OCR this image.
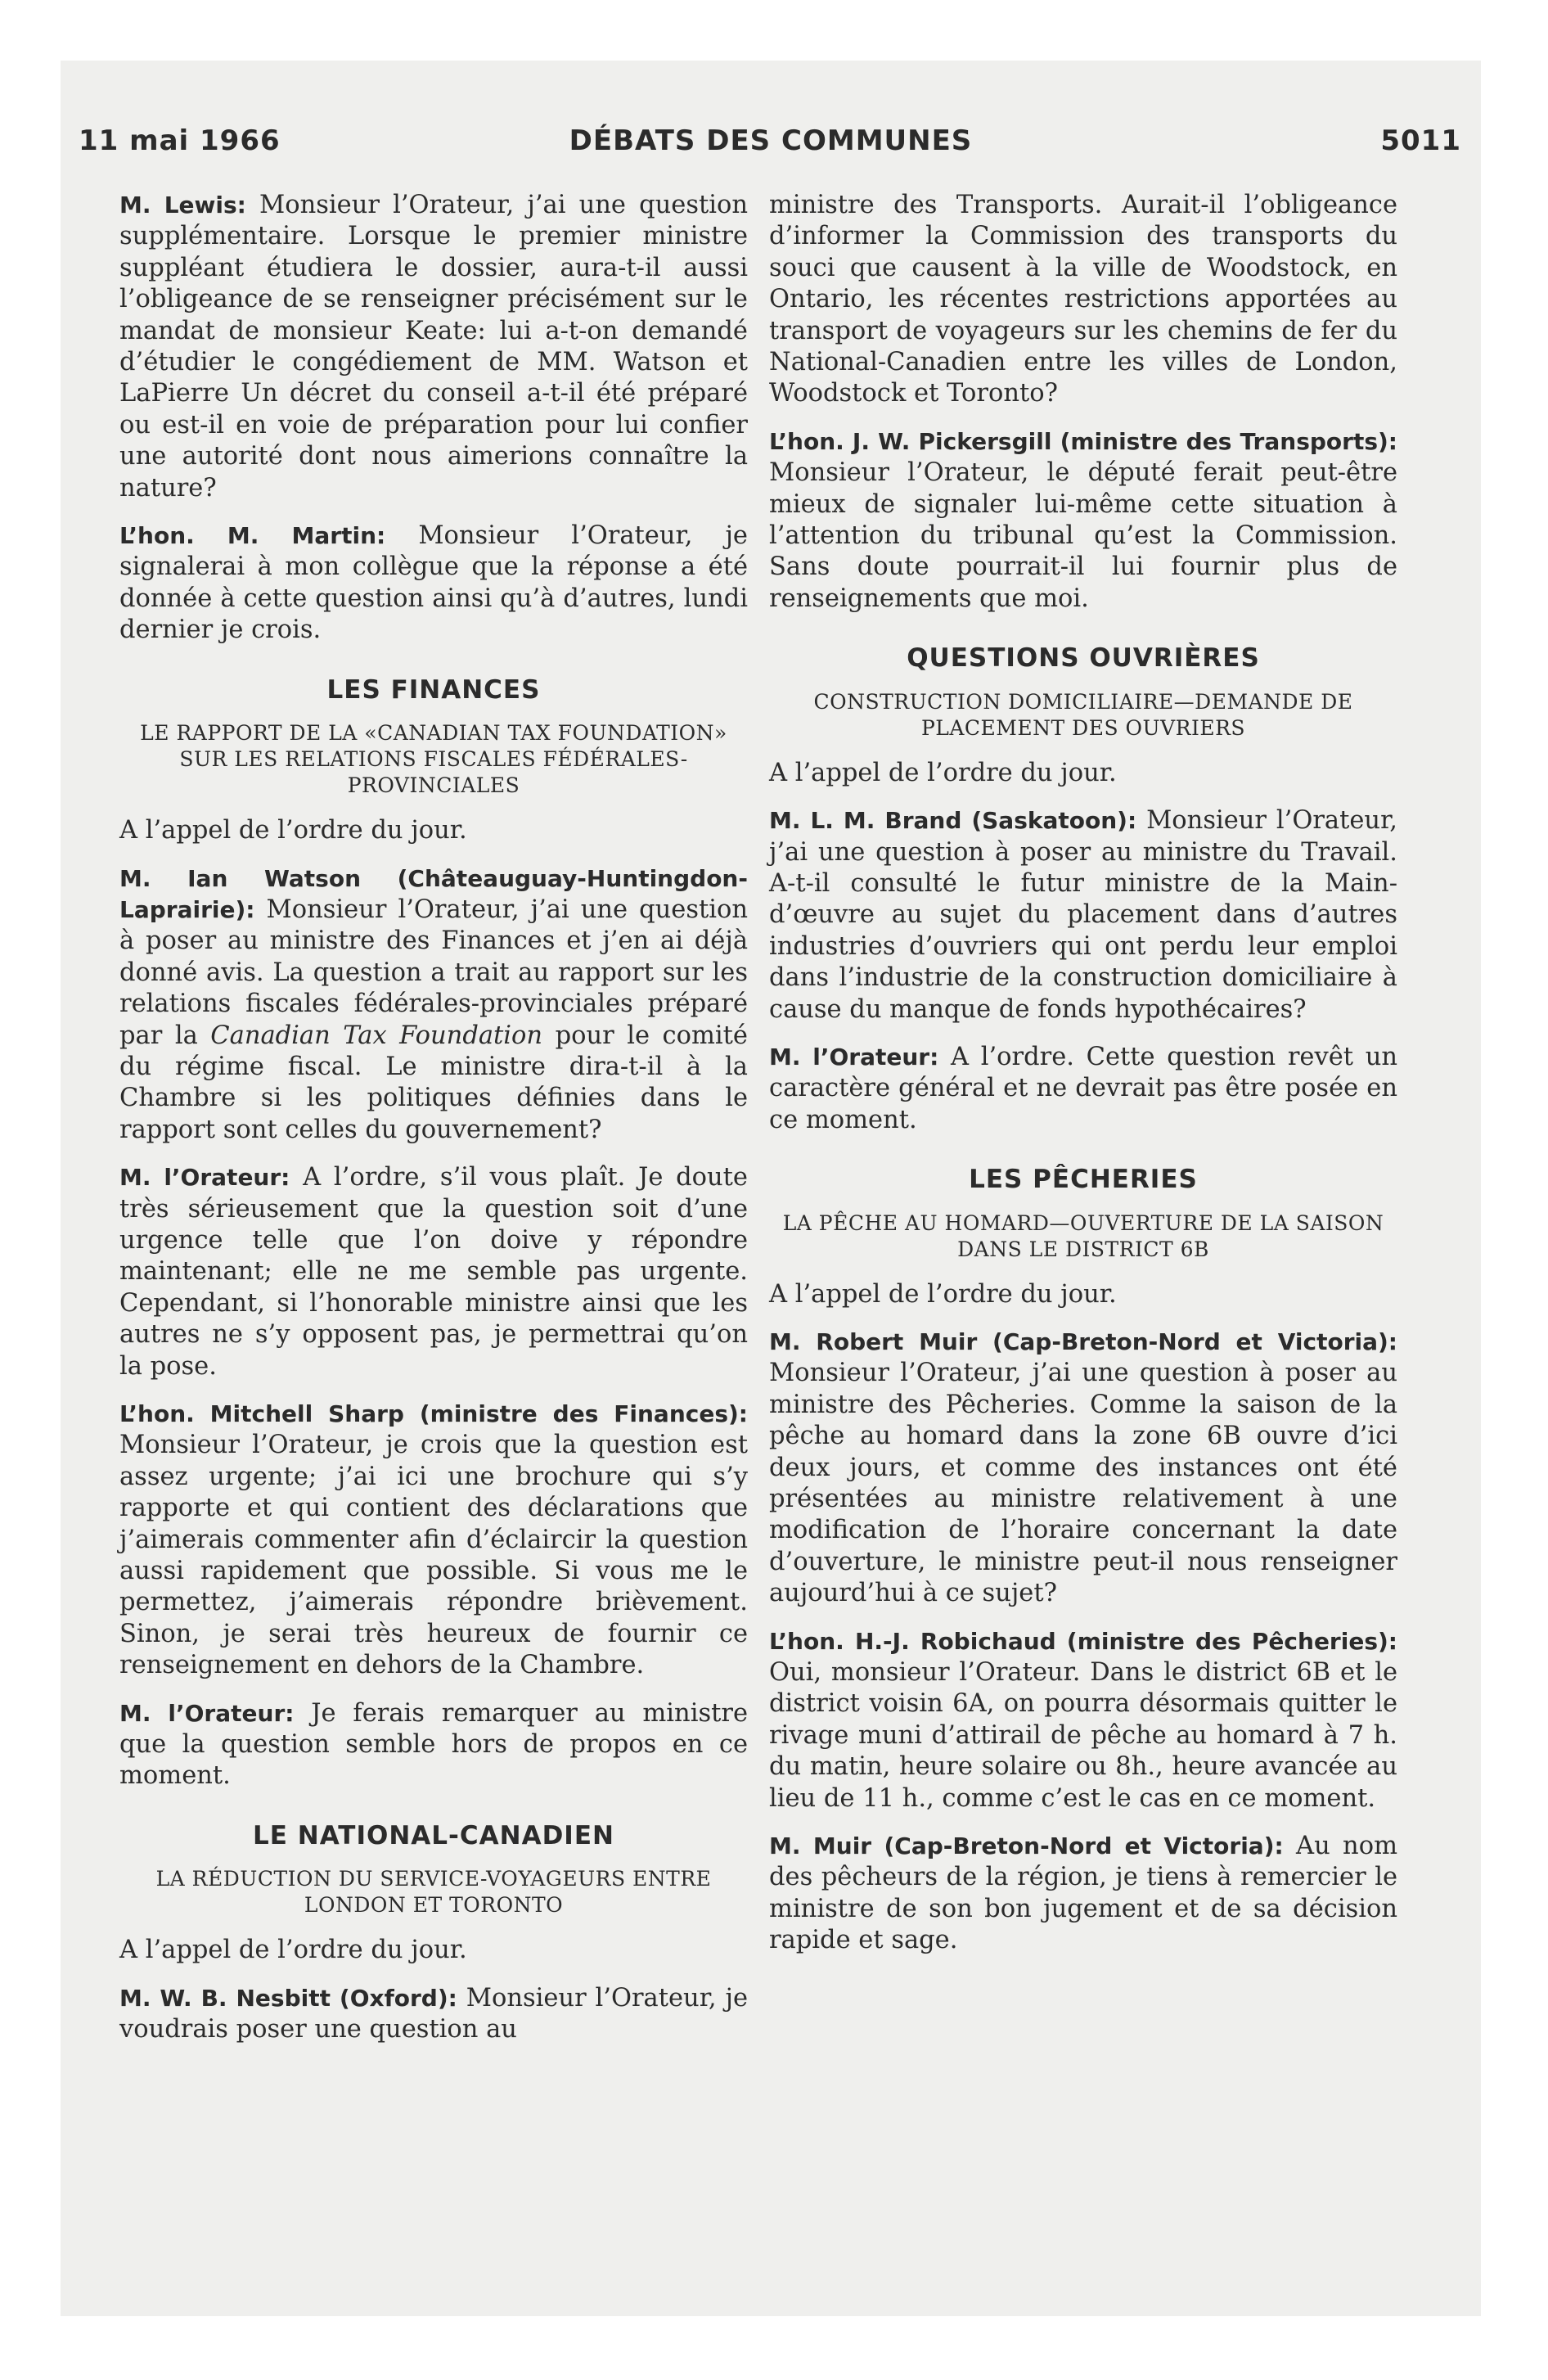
11 mai 1966	DÉBATS DES COMMUNES	5011

M. Lewis: Monsieur l’Orateur, j’ai une question supplémentaire. Lorsque le premier ministre suppléant étudiera le dossier, aura-t-il aussi l’obligeance de se renseigner précisément sur le mandat de monsieur Keate: lui a-t-on demandé d’étudier le congédiement de MM. Watson et LaPierre Un décret du conseil a-t-il été préparé ou est-il en voie de préparation pour lui confier une autorité dont nous aimerions connaître la nature?

L’hon. M. Martin: Monsieur l’Orateur, je signalerai à mon collègue que la réponse a été donnée à cette question ainsi qu’à d’autres, lundi dernier je crois.

LES FINANCES
LE RAPPORT DE LA «CANADIAN TAX FOUNDATION» SUR LES RELATIONS FISCALES FÉDÉRALES-PROVINCIALES

A l’appel de l’ordre du jour.

M. Ian Watson (Châteauguay-Huntingdon-Laprairie): Monsieur l’Orateur, j’ai une question à poser au ministre des Finances et j’en ai déjà donné avis. La question a trait au rapport sur les relations fiscales fédérales-provinciales préparé par la Canadian Tax Foundation pour le comité du régime fiscal. Le ministre dira-t-il à la Chambre si les politiques définies dans le rapport sont celles du gouvernement?

M. l’Orateur: A l’ordre, s’il vous plaît. Je doute très sérieusement que la question soit d’une urgence telle que l’on doive y répondre maintenant; elle ne me semble pas urgente. Cependant, si l’honorable ministre ainsi que les autres ne s’y opposent pas, je permettrai qu’on la pose.

L’hon. Mitchell Sharp (ministre des Finances): Monsieur l’Orateur, je crois que la question est assez urgente; j’ai ici une brochure qui s’y rapporte et qui contient des déclarations que j’aimerais commenter afin d’éclaircir la question aussi rapidement que possible. Si vous me le permettez, j’aimerais répondre brièvement. Sinon, je serai très heureux de fournir ce renseignement en dehors de la Chambre.

M. l’Orateur: Je ferais remarquer au ministre que la question semble hors de propos en ce moment.

LE NATIONAL-CANADIEN
LA RÉDUCTION DU SERVICE-VOYAGEURS ENTRE LONDON ET TORONTO

A l’appel de l’ordre du jour.

M. W. B. Nesbitt (Oxford): Monsieur l’Orateur, je voudrais poser une question au

ministre des Transports. Aurait-il l’obligeance d’informer la Commission des transports du souci que causent à la ville de Woodstock, en Ontario, les récentes restrictions apportées au transport de voyageurs sur les chemins de fer du National-Canadien entre les villes de London, Woodstock et Toronto?

L’hon. J. W. Pickersgill (ministre des Transports): Monsieur l’Orateur, le député ferait peut-être mieux de signaler lui-même cette situation à l’attention du tribunal qu’est la Commission. Sans doute pourrait-il lui fournir plus de renseignements que moi.

QUESTIONS OUVRIÈRES
CONSTRUCTION DOMICILIAIRE—DEMANDE DE PLACEMENT DES OUVRIERS

A l’appel de l’ordre du jour.

M. L. M. Brand (Saskatoon): Monsieur l’Orateur, j’ai une question à poser au ministre du Travail. A-t-il consulté le futur ministre de la Main-d’œuvre au sujet du placement dans d’autres industries d’ouvriers qui ont perdu leur emploi dans l’industrie de la construction domiciliaire à cause du manque de fonds hypothécaires?

M. l’Orateur: A l’ordre. Cette question revêt un caractère général et ne devrait pas être posée en ce moment.

LES PÊCHERIES
LA PÊCHE AU HOMARD—OUVERTURE DE LA SAISON DANS LE DISTRICT 6B

A l’appel de l’ordre du jour.

M. Robert Muir (Cap-Breton-Nord et Victoria): Monsieur l’Orateur, j’ai une question à poser au ministre des Pêcheries. Comme la saison de la pêche au homard dans la zone 6B ouvre d’ici deux jours, et comme des instances ont été présentées au ministre relativement à une modification de l’horaire concernant la date d’ouverture, le ministre peut-il nous renseigner aujourd’hui à ce sujet?

L’hon. H.-J. Robichaud (ministre des Pêcheries): Oui, monsieur l’Orateur. Dans le district 6B et le district voisin 6A, on pourra désormais quitter le rivage muni d’attirail de pêche au homard à 7 h. du matin, heure solaire ou 8h., heure avancée au lieu de 11 h., comme c’est le cas en ce moment.

M. Muir (Cap-Breton-Nord et Victoria): Au nom des pêcheurs de la région, je tiens à remercier le ministre de son bon jugement et de sa décision rapide et sage.
